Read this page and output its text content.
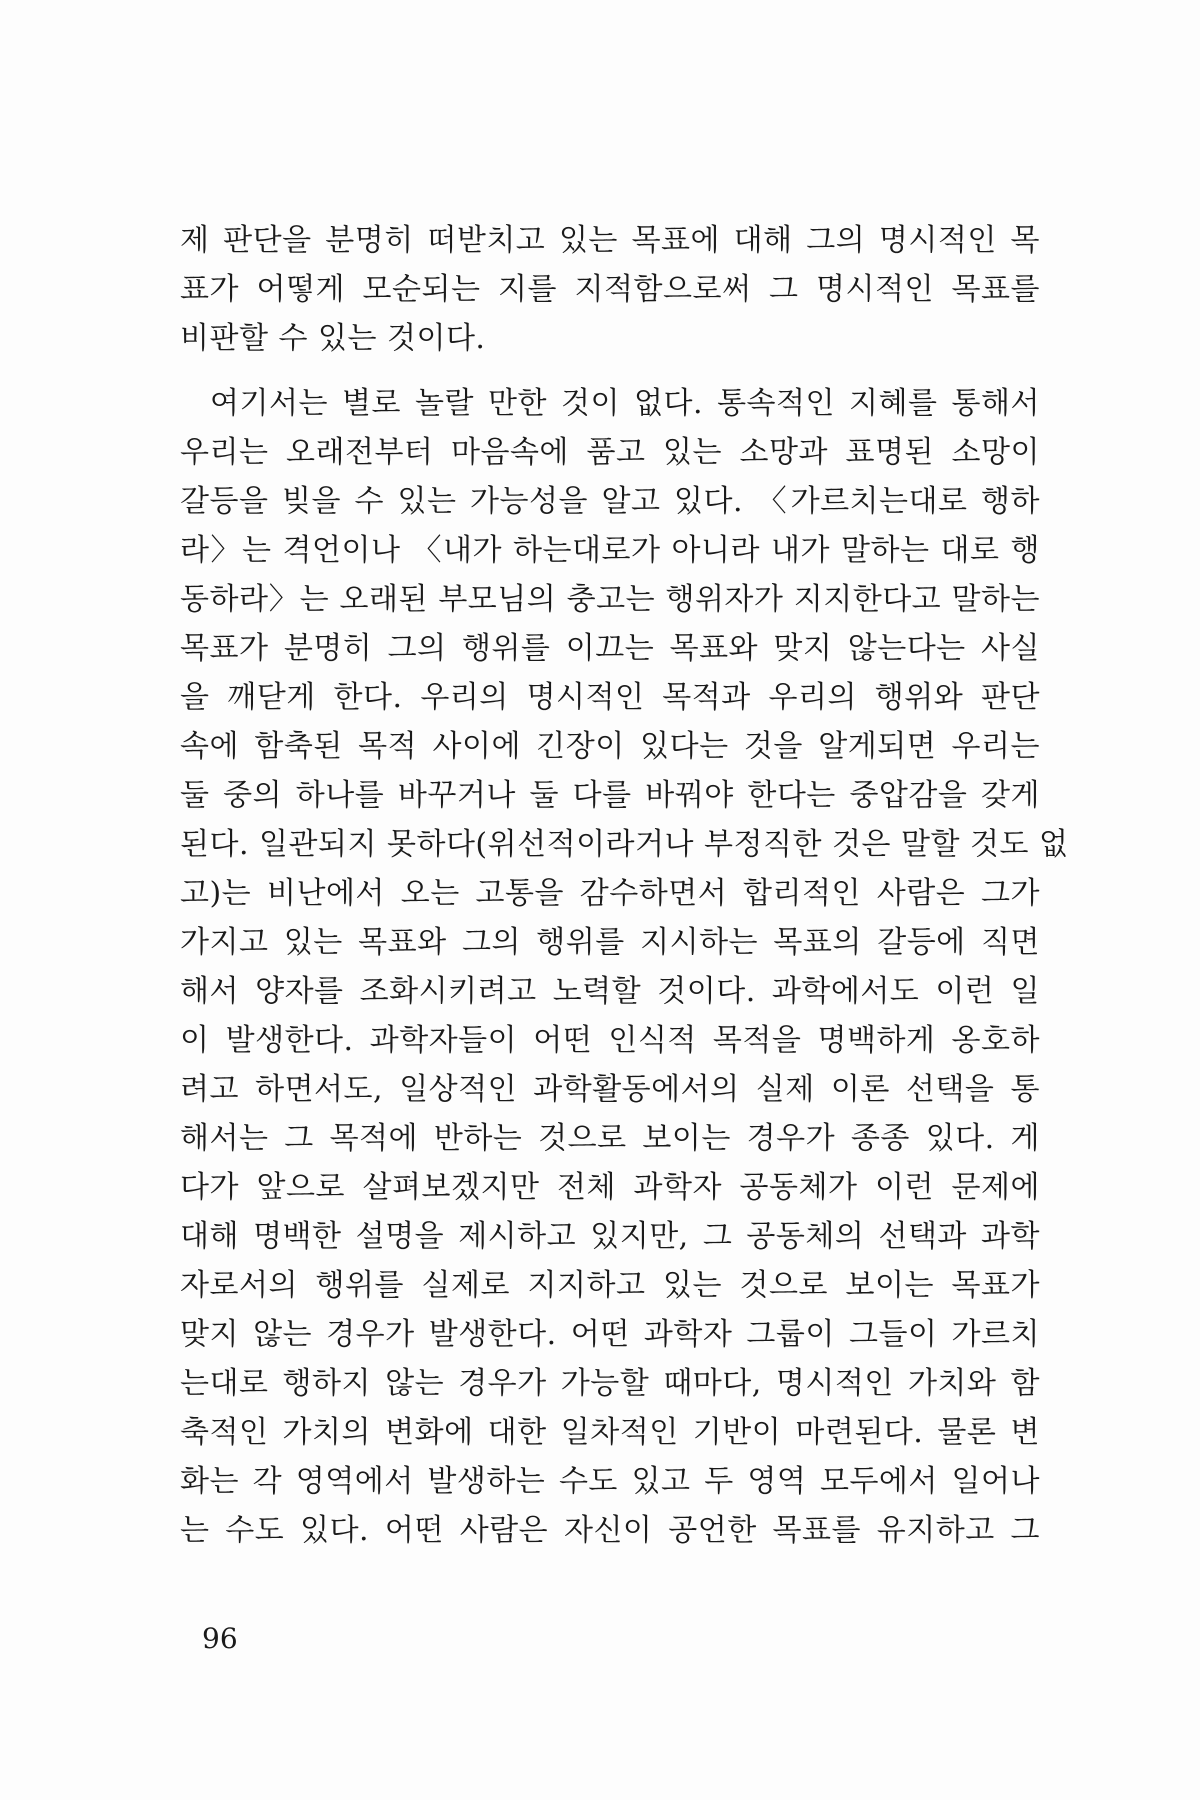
제 판단을 분명히 떠받치고 있는 목표에 대해 그의 명시적인 목
표가 어떻게 모순되는 지를 지적함으로써 그 명시적인 목표를
비판할 수 있는 것이다.
여기서는 별로 놀랄 만한 것이 없다. 통속적인 지혜를 통해서
우리는 오래전부터 마음속에 품고 있는 소망과 표명된 소망이
갈등을 빚을 수 있는 가능성을 알고 있다. 〈가르치는대로 행하
라〉는 격언이나 〈내가 하는대로가 아니라 내가 말하는 대로 행
동하라〉는 오래된 부모님의 충고는 행위자가 지지한다고 말하는
목표가 분명히 그의 행위를 이끄는 목표와 맞지 않는다는 사실
을 깨닫게 한다. 우리의 명시적인 목적과 우리의 행위와 판단
속에 함축된 목적 사이에 긴장이 있다는 것을 알게되면 우리는
둘 중의 하나를 바꾸거나 둘 다를 바꿔야 한다는 중압감을 갖게
된다. 일관되지 못하다(위선적이라거나 부정직한 것은 말할 것도 없
고)는 비난에서 오는 고통을 감수하면서 합리적인 사람은 그가
가지고 있는 목표와 그의 행위를 지시하는 목표의 갈등에 직면
해서 양자를 조화시키려고 노력할 것이다. 과학에서도 이런 일
이 발생한다. 과학자들이 어떤 인식적 목적을 명백하게 옹호하
려고 하면서도, 일상적인 과학활동에서의 실제 이론 선택을 통
해서는 그 목적에 반하는 것으로 보이는 경우가 종종 있다. 게
다가 앞으로 살펴보겠지만 전체 과학자 공동체가 이런 문제에
대해 명백한 설명을 제시하고 있지만, 그 공동체의 선택과 과학
자로서의 행위를 실제로 지지하고 있는 것으로 보이는 목표가
맞지 않는 경우가 발생한다. 어떤 과학자 그룹이 그들이 가르치
는대로 행하지 않는 경우가 가능할 때마다, 명시적인 가치와 함
축적인 가치의 변화에 대한 일차적인 기반이 마련된다. 물론 변
화는 각 영역에서 발생하는 수도 있고 두 영역 모두에서 일어나
는 수도 있다. 어떤 사람은 자신이 공언한 목표를 유지하고 그
96
